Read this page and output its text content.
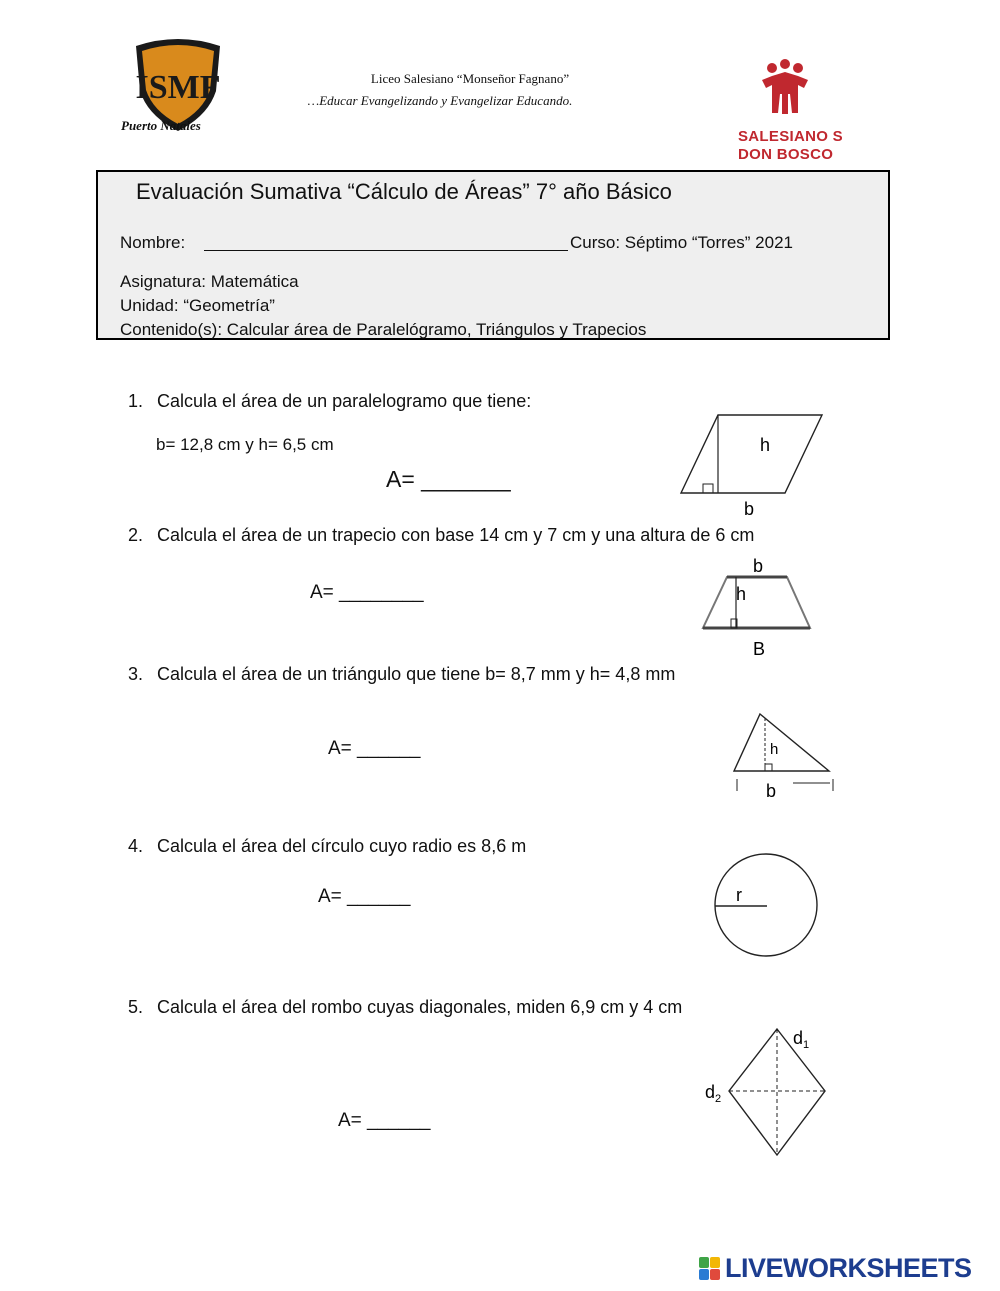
ISMF
Puerto Natales
Liceo Salesiano “Monseñor Fagnano”
…Educar Evangelizando y Evangelizar Educando.
SALESIANO S
DON BOSCO
Evaluación Sumativa “Cálculo de Áreas” 7° año Básico
Nombre:	Curso: Séptimo “Torres” 2021
Asignatura: Matemática
Unidad: “Geometría”
Contenido(s): Calcular área de Paralelógramo, Triángulos y Trapecios
1. Calcula el área de un paralelogramo que tiene:
b= 12,8 cm y h= 6,5 cm
A= _______
h
b
2. Calcula el área de un trapecio con base 14 cm y 7 cm y una altura de 6 cm
A= ________
b
h
B
3. Calcula el área de un triángulo que tiene b= 8,7 mm y h= 4,8 mm
A= ______	h
b
4. Calcula el área del círculo cuyo radio es 8,6 m
A= ______	r
5. Calcula el área del rombo cuyas diagonales, miden 6,9 cm y 4 cm
A= ______
$d_1$
$d_2$
LIVEWORKSHEETS
